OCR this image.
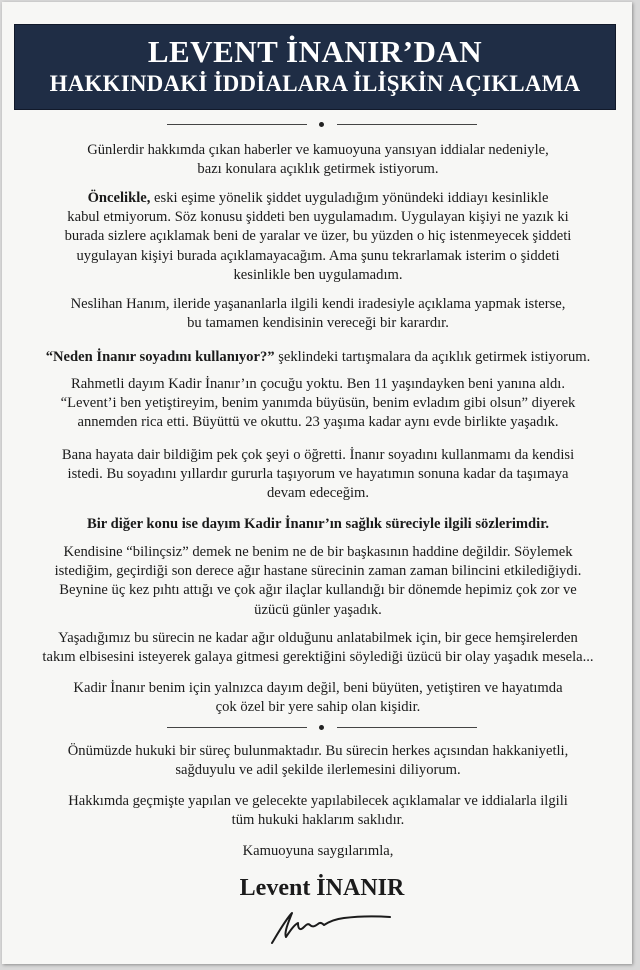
LEVENT İNANIR’DAN
HAKKINDAKİ İDDİALARA İLİŞKİN AÇIKLAMA

Günlerdir hakkımda çıkan haberler ve kamuoyuna yansıyan iddialar nedeniyle,

bazı konulara açıklık getirmek istiyorum.

Öncelikle, eski eşime yönelik şiddet uyguladığım yönündeki iddiayı kesinlikle

kabul etmiyorum. Söz konusu şiddeti ben uygulamadım. Uygulayan kişiyi ne yazık ki

burada sizlere açıklamak beni de yaralar ve üzer, bu yüzden o hiç istenmeyecek şiddeti

uygulayan kişiyi burada açıklamayacağım. Ama şunu tekrarlamak isterim o şiddeti

kesinlikle ben uygulamadım.

Neslihan Hanım, ileride yaşananlarla ilgili kendi iradesiyle açıklama yapmak isterse,

bu tamamen kendisinin vereceği bir karardır.

“Neden İnanır soyadını kullanıyor?” şeklindeki tartışmalara da açıklık getirmek istiyorum.

Rahmetli dayım Kadir İnanır’ın çocuğu yoktu. Ben 11 yaşındayken beni yanına aldı.

“Levent’i ben yetiştireyim, benim yanımda büyüsün, benim evladım gibi olsun” diyerek

annemden rica etti. Büyüttü ve okuttu. 23 yaşıma kadar aynı evde birlikte yaşadık.

Bana hayata dair bildiğim pek çok şeyi o öğretti. İnanır soyadını kullanmamı da kendisi

istedi. Bu soyadını yıllardır gururla taşıyorum ve hayatımın sonuna kadar da taşımaya

devam edeceğim.

Bir diğer konu ise dayım Kadir İnanır’ın sağlık süreciyle ilgili sözlerimdir.

Kendisine “bilinçsiz” demek ne benim ne de bir başkasının haddine değildir. Söylemek

istediğim, geçirdiği son derece ağır hastane sürecinin zaman zaman bilincini etkilediğiydi.

Beynine üç kez pıhtı attığı ve çok ağır ilaçlar kullandığı bir dönemde hepimiz çok zor ve

üzücü günler yaşadık.

Yaşadığımız bu sürecin ne kadar ağır olduğunu anlatabilmek için, bir gece hemşirelerden

takım elbisesini isteyerek galaya gitmesi gerektiğini söylediği üzücü bir olay yaşadık mesela...

Kadir İnanır benim için yalnızca dayım değil, beni büyüten, yetiştiren ve hayatımda

çok özel bir yere sahip olan kişidir.

Önümüzde hukuki bir süreç bulunmaktadır. Bu sürecin herkes açısından hakkaniyetli,

sağduyulu ve adil şekilde ilerlemesini diliyorum.

Hakkımda geçmişte yapılan ve gelecekte yapılabilecek açıklamalar ve iddialarla ilgili

tüm hukuki haklarım saklıdır.

Kamuoyuna saygılarımla,

Levent İNANIR
